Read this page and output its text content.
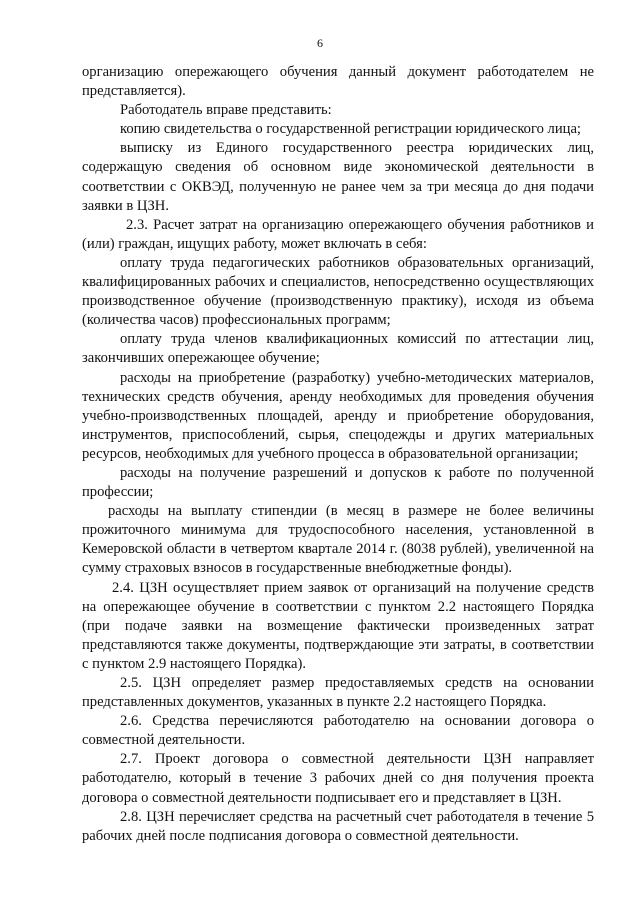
6

организацию опережающего обучения данный документ работодателем не представляется).

Работодатель вправе представить:

копию свидетельства о государственной регистрации юридического лица;

выписку из Единого государственного реестра юридических лиц, содержащую сведения об основном виде экономической деятельности в соответствии с ОКВЭД, полученную не ранее чем за три месяца до дня подачи заявки в ЦЗН.

2.3. Расчет затрат на организацию опережающего обучения работников и (или) граждан, ищущих работу, может включать в себя:

оплату труда педагогических работников образовательных организаций, квалифицированных рабочих и специалистов, непосредственно осуществляющих производственное обучение (производственную практику), исходя из объема (количества часов) профессиональных программ;

оплату труда членов квалификационных комиссий по аттестации лиц, закончивших опережающее обучение;

расходы на приобретение (разработку) учебно-методических материалов, технических средств обучения, аренду необходимых для проведения обучения учебно-производственных площадей, аренду и приобретение оборудования, инструментов, приспособлений, сырья, спецодежды и других материальных ресурсов, необходимых для учебного процесса в образовательной организации;

расходы на получение разрешений и допусков к работе по полученной профессии;

расходы на выплату стипендии (в месяц в размере не более величины прожиточного минимума для трудоспособного населения, установленной в Кемеровской области в четвертом квартале 2014 г. (8038 рублей), увеличенной на сумму страховых взносов в государственные внебюджетные фонды).

2.4. ЦЗН осуществляет прием заявок от организаций на получение средств на опережающее обучение в соответствии с пунктом 2.2 настоящего Порядка (при подаче заявки на возмещение фактически произведенных затрат представляются также документы, подтверждающие эти затраты, в соответствии с пунктом 2.9 настоящего Порядка).

2.5. ЦЗН определяет размер предоставляемых средств на основании представленных документов, указанных в пункте 2.2 настоящего Порядка.

2.6. Средства перечисляются работодателю на основании договора о совместной деятельности.

2.7. Проект договора о совместной деятельности ЦЗН направляет работодателю, который в течение 3 рабочих дней со дня получения проекта договора о совместной деятельности подписывает его и представляет в ЦЗН.

2.8. ЦЗН перечисляет средства на расчетный счет работодателя в течение 5 рабочих дней после подписания договора о совместной деятельности.
